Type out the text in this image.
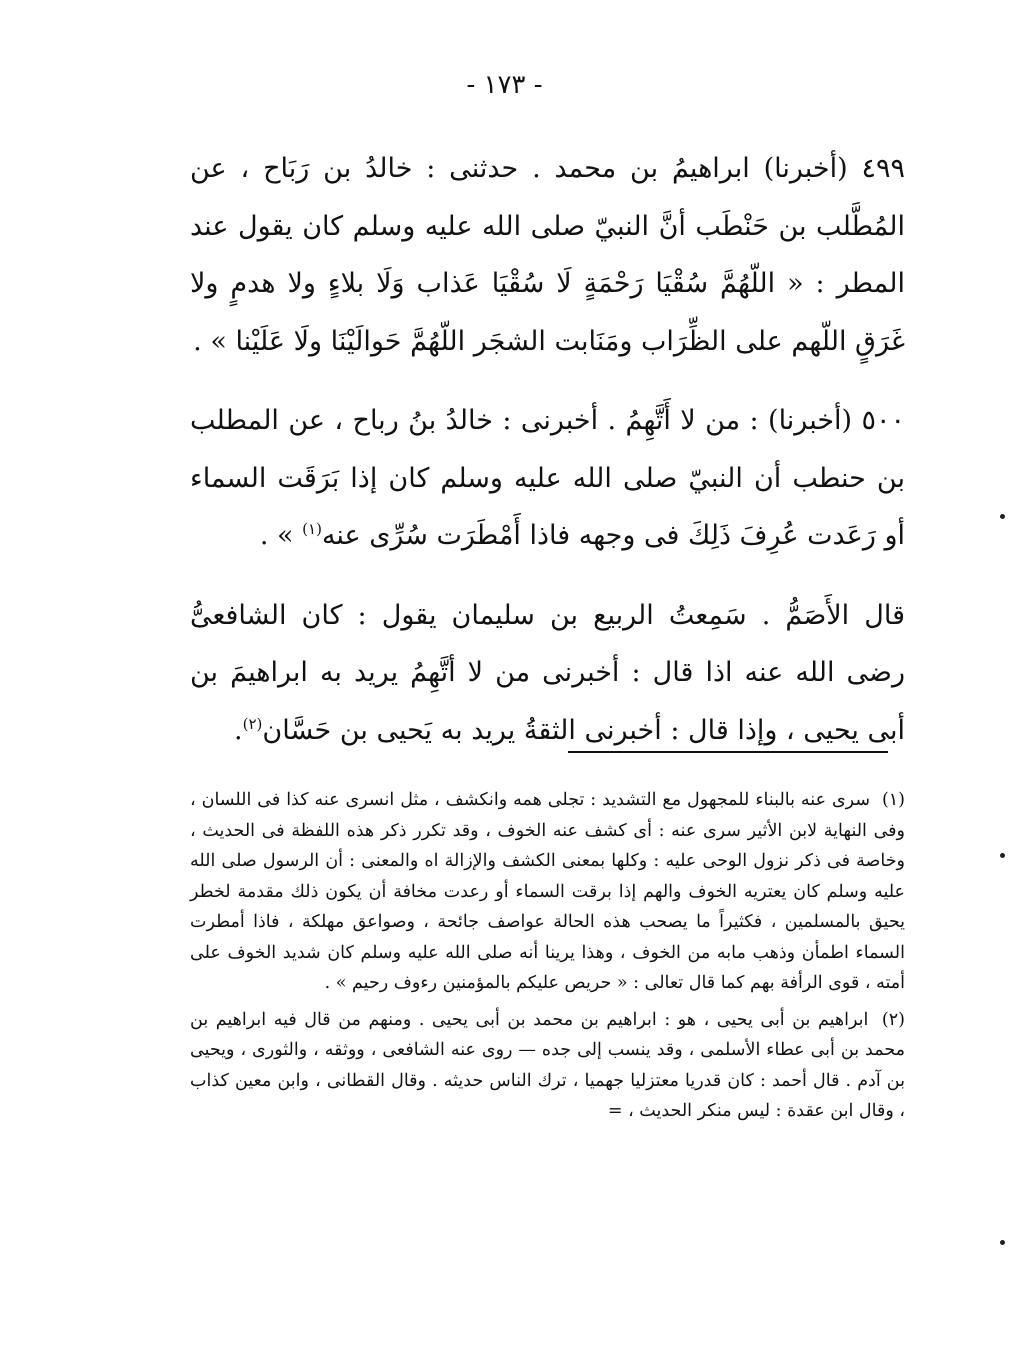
- ١٧٣ -

٤٩٩ (أخبرنا) ابراهيمُ بن محمد . حدثنى : خالدُ بن رَبَاح ، عن المُطَّلب بن حَنْطَب أنَّ النبيّ صلى الله عليه وسلم كان يقول عند المطر : « اللّهُمَّ سُقْيَا رَحْمَةٍ لَا سُقْيَا عَذاب وَلَا بلاءٍ ولا هدمٍ ولا غَرَقٍ اللّهم على الظِّرَاب ومَنَابت الشجَر اللّهُمَّ حَوالَيْنَا ولَا عَلَيْنا » .

٥٠٠ (أخبرنا) : من لا أَتَّهِمُ . أخبرنى : خالدُ بنُ رباح ، عن المطلب بن حنطب أن النبيّ صلى الله عليه وسلم كان إذا بَرَقَت السماء أو رَعَدت عُرِفَ ذَلِكَ فى وجهه فاذا أَمْطَرَت سُرِّى عنه$^{(١)}$ » .

قال الأَصَمُّ . سَمِعتُ الربيع بن سليمان يقول : كان الشافعىُّ رضى الله عنه اذا قال : أخبرنى من لا أتَّهِمُ يريد به ابراهيمَ بن أبى يحيى ، وإذا قال : أخبرنى الثقةُ يريد به يَحيى بن حَسَّان$^{(٢)}$.

(١) سرى عنه بالبناء للمجهول مع التشديد : تجلى همه وانكشف ، مثل انسرى عنه كذا فى اللسان ، وفى النهاية لابن الأثير سرى عنه : أى كشف عنه الخوف ، وقد تكرر ذكر هذه اللفظة فى الحديث ، وخاصة فى ذكر نزول الوحى عليه : وكلها بمعنى الكشف والإزالة اه والمعنى : أن الرسول صلى الله عليه وسلم كان يعتريه الخوف والهم إذا برقت السماء أو رعدت مخافة أن يكون ذلك مقدمة لخطر يحيق بالمسلمين ، فكثيراً ما يصحب هذه الحالة عواصف جائحة ، وصواعق مهلكة ، فاذا أمطرت السماء اطمأن وذهب مابه من الخوف ، وهذا يرينا أنه صلى الله عليه وسلم كان شديد الخوف على أمته ، قوى الرأفة بهم كما قال تعالى : « حريص عليكم بالمؤمنين رءوف رحيم » .

(٢) ابراهيم بن أبى يحيى ، هو : ابراهيم بن محمد بن أبى يحيى . ومنهم من قال فيه ابراهيم بن محمد بن أبى عطاء الأسلمى ، وقد ينسب إلى جده — روى عنه الشافعى ، ووثقه ، والثورى ، ويحيى بن آدم . قال أحمد : كان قدريا معتزليا جهميا ، ترك الناس حديثه . وقال القطانى ، وابن معين كذاب ، وقال ابن عقدة : ليس منكر الحديث ، =
